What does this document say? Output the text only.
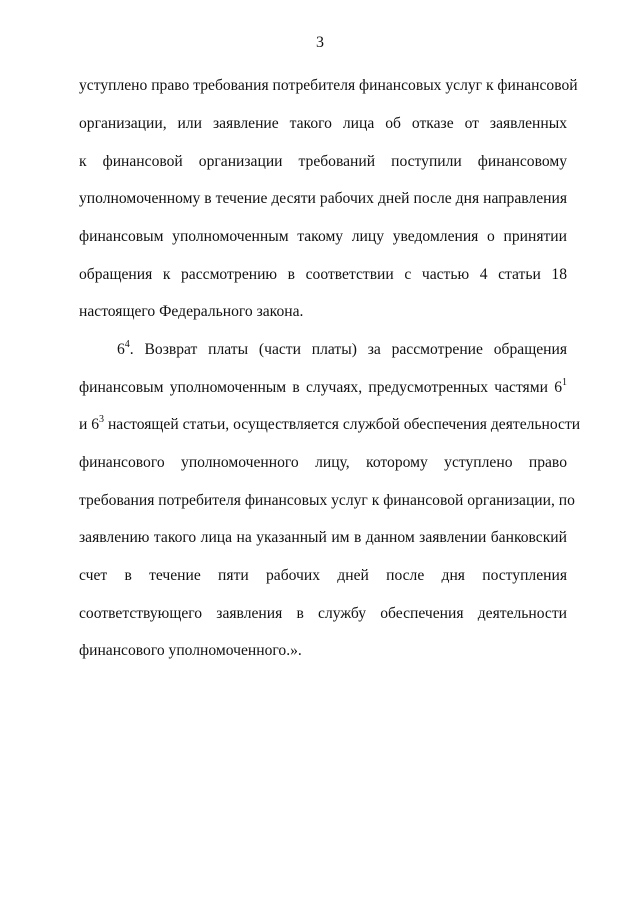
3
уступлено право требования потребителя финансовых услуг к финансовой
организации, или заявление такого лица об отказе от заявленных
к финансовой организации требований поступили финансовому
уполномоченному в течение десяти рабочих дней после дня направления
финансовым уполномоченным такому лицу уведомления о принятии
обращения к рассмотрению в соответствии с частью 4 статьи 18
настоящего Федерального закона.
$6^4$. Возврат платы (части платы) за рассмотрение обращения
финансовым уполномоченным в случаях, предусмотренных частями $6^1$
и $6^3$ настоящей статьи, осуществляется службой обеспечения деятельности
финансового уполномоченного лицу, которому уступлено право
требования потребителя финансовых услуг к финансовой организации, по
заявлению такого лица на указанный им в данном заявлении банковский
счет в течение пяти рабочих дней после дня поступления
соответствующего заявления в службу обеспечения деятельности
финансового уполномоченного.».
